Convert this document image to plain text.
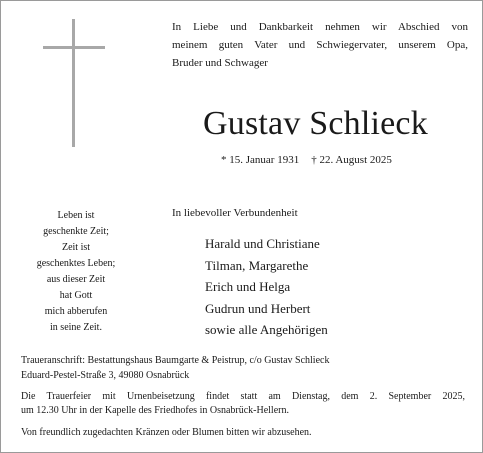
In Liebe und Dankbarkeit nehmen wir Abschied von
meinem guten Vater und Schwiegervater, unserem Opa,
Bruder und Schwager
Gustav Schlieck
* 15. Januar 1931 † 22. August 2025
Leben ist
geschenkte Zeit;
Zeit ist
geschenktes Leben;
aus dieser Zeit
hat Gott
mich abberufen
in seine Zeit.
In liebevoller Verbundenheit
Harald und Christiane
Tilman, Margarethe
Erich und Helga
Gudrun und Herbert
sowie alle Angehörigen
Traueranschrift: Bestattungshaus Baumgarte & Peistrup, c/o Gustav Schlieck
Eduard-Pestel-Straße 3, 49080 Osnabrück
Die Trauerfeier mit Urnenbeisetzung findet statt am Dienstag, dem 2. September 2025,
um 12.30 Uhr in der Kapelle des Friedhofes in Osnabrück-Hellern.
Von freundlich zugedachten Kränzen oder Blumen bitten wir abzusehen.
